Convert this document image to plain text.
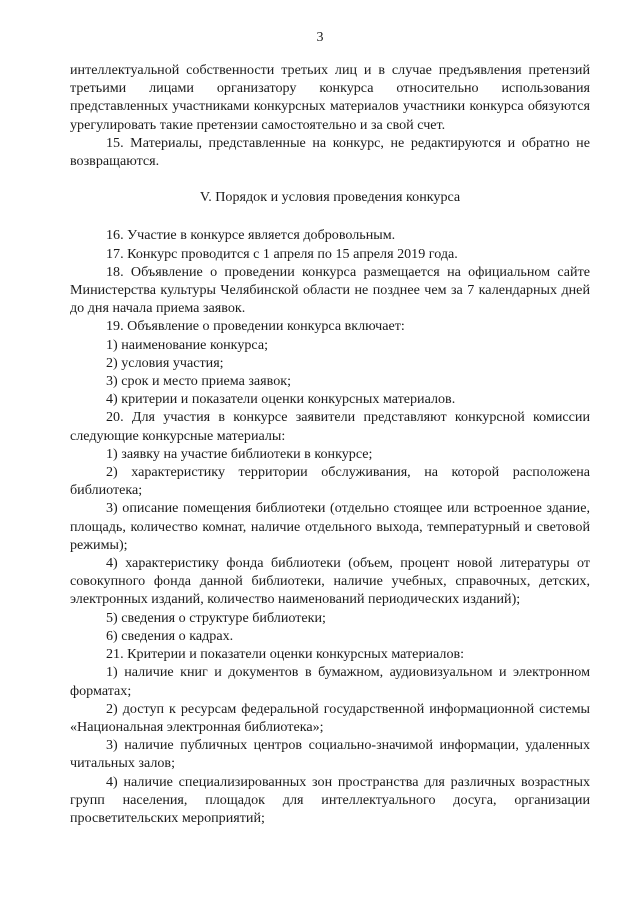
3

интеллектуальной собственности третьих лиц и в случае предъявления претензий третьими лицами организатору конкурса относительно использования представленных участниками конкурсных материалов участники конкурса обязуются урегулировать такие претензии самостоятельно и за свой счет.

15. Материалы, представленные на конкурс, не редактируются и обратно не возвращаются.

V. Порядок и условия проведения конкурса

16. Участие в конкурсе является добровольным.

17. Конкурс проводится с 1 апреля по 15 апреля 2019 года.

18. Объявление о проведении конкурса размещается на официальном сайте Министерства культуры Челябинской области не позднее чем за 7 календарных дней до дня начала приема заявок.

19. Объявление о проведении конкурса включает:

1) наименование конкурса;

2) условия участия;

3) срок и место приема заявок;

4) критерии и показатели оценки конкурсных материалов.

20. Для участия в конкурсе заявители представляют конкурсной комиссии следующие конкурсные материалы:

1) заявку на участие библиотеки в конкурсе;

2) характеристику территории обслуживания, на которой расположена библиотека;

3) описание помещения библиотеки (отдельно стоящее или встроенное здание, площадь, количество комнат, наличие отдельного выхода, температурный и световой режимы);

4) характеристику фонда библиотеки (объем, процент новой литературы от совокупного фонда данной библиотеки, наличие учебных, справочных, детских, электронных изданий, количество наименований периодических изданий);

5) сведения о структуре библиотеки;

6) сведения о кадрах.

21. Критерии и показатели оценки конкурсных материалов:

1) наличие книг и документов в бумажном, аудиовизуальном и электронном форматах;

2) доступ к ресурсам федеральной государственной информационной системы «Национальная электронная библиотека»;

3) наличие публичных центров социально-значимой информации, удаленных читальных залов;

4) наличие специализированных зон пространства для различных возрастных групп населения, площадок для интеллектуального досуга, организации просветительских мероприятий;
